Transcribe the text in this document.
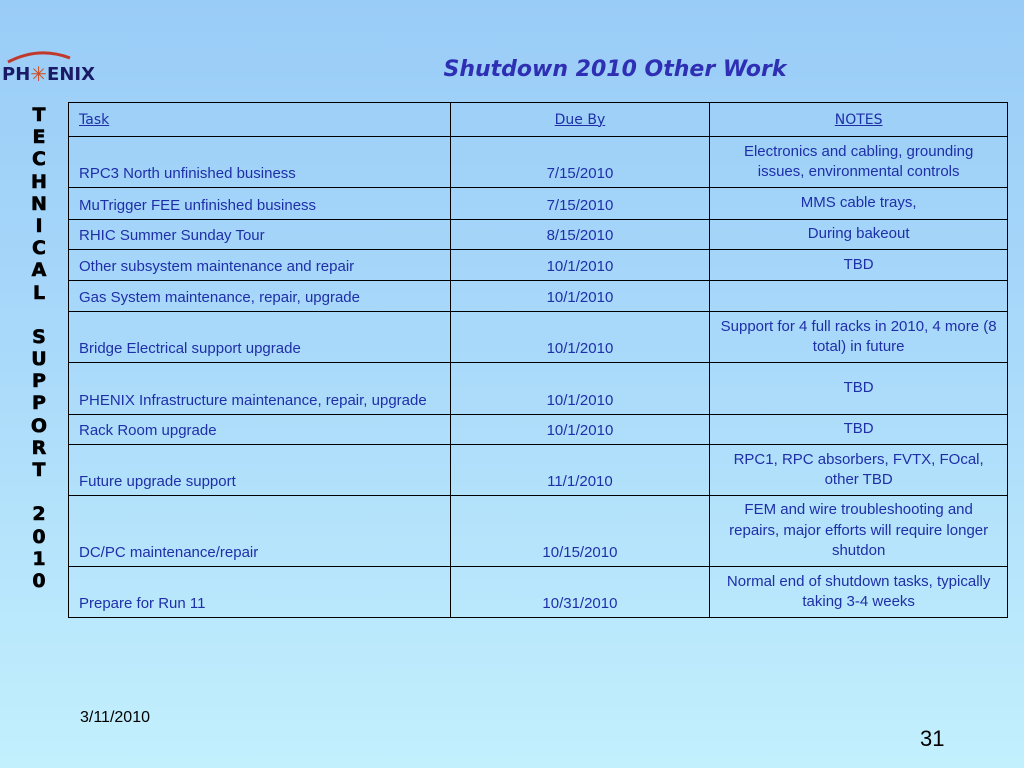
PH✳ENIX	Shutdown 2010 Other Work
T
E
C
H
N
I
C
A
L
S
U
P
P
O
R
T
2
0
1
0
Task	Due By	NOTES
RPC3 North unfinished business	7/15/2010	Electronics and cabling, grounding issues, environmental controls
MuTrigger FEE unfinished business	7/15/2010	MMS cable trays,
RHIC Summer Sunday Tour	8/15/2010	During bakeout
Other subsystem maintenance and repair	10/1/2010	TBD
Gas System maintenance, repair, upgrade	10/1/2010	
Bridge Electrical support upgrade	10/1/2010	Support for 4 full racks in 2010, 4 more (8 total) in future
PHENIX Infrastructure maintenance, repair, upgrade	10/1/2010	TBD
Rack Room upgrade	10/1/2010	TBD
Future upgrade support	11/1/2010	RPC1, RPC absorbers, FVTX, FOcal, other TBD
DC/PC maintenance/repair	10/15/2010	FEM and wire troubleshooting and repairs, major efforts will require longer shutdon
Prepare for Run 11	10/31/2010	Normal end of shutdown tasks, typically taking 3-4 weeks
3/11/2010
31
